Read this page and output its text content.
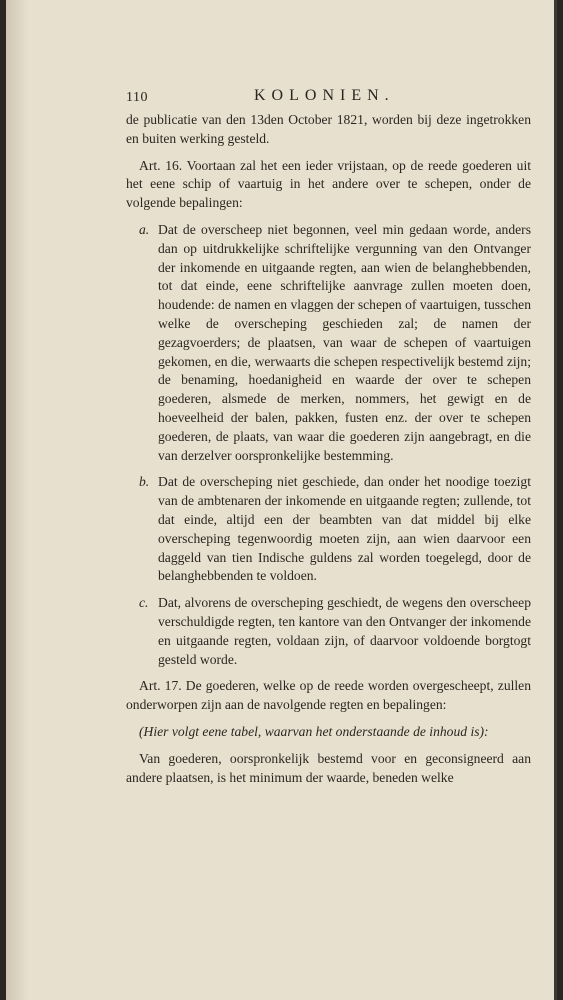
110	KOLONIEN.

de publicatie van den 13den October 1821, worden bij deze ingetrokken en buiten werking gesteld.

Art. 16. Voortaan zal het een ieder vrijstaan, op de reede goederen uit het eene schip of vaartuig in het andere over te schepen, onder de volgende bepalingen:

a. Dat de overscheep niet begonnen, veel min gedaan worde, anders dan op uitdrukkelijke schriftelijke vergunning van den Ontvanger der inkomende en uitgaande regten, aan wien de belanghebbenden, tot dat einde, eene schriftelijke aanvrage zullen moeten doen, houdende: de namen en vlaggen der schepen of vaartuigen, tusschen welke de overscheping geschieden zal; de namen der gezagvoerders; de plaatsen, van waar de schepen of vaartuigen gekomen, en die, werwaarts die schepen respectivelijk bestemd zijn; de benaming, hoedanigheid en waarde der over te schepen goederen, alsmede de merken, nommers, het gewigt en de hoeveelheid der balen, pakken, fusten enz. der over te schepen goederen, de plaats, van waar die goederen zijn aangebragt, en die van derzelver oorspronkelijke bestemming.

b. Dat de overscheping niet geschiede, dan onder het noodige toezigt van de ambtenaren der inkomende en uitgaande regten; zullende, tot dat einde, altijd een der beambten van dat middel bij elke overscheping tegenwoordig moeten zijn, aan wien daarvoor een daggeld van tien Indische guldens zal worden toegelegd, door de belanghebbenden te voldoen.

c. Dat, alvorens de overscheping geschiedt, de wegens den overscheep verschuldigde regten, ten kantore van den Ontvanger der inkomende en uitgaande regten, voldaan zijn, of daarvoor voldoende borgtogt gesteld worde.

Art. 17. De goederen, welke op de reede worden overgescheept, zullen onderworpen zijn aan de navolgende regten en bepalingen:

(Hier volgt eene tabel, waarvan het onderstaande de inhoud is):

Van goederen, oorspronkelijk bestemd voor en geconsigneerd aan andere plaatsen, is het minimum der waarde, beneden welke
